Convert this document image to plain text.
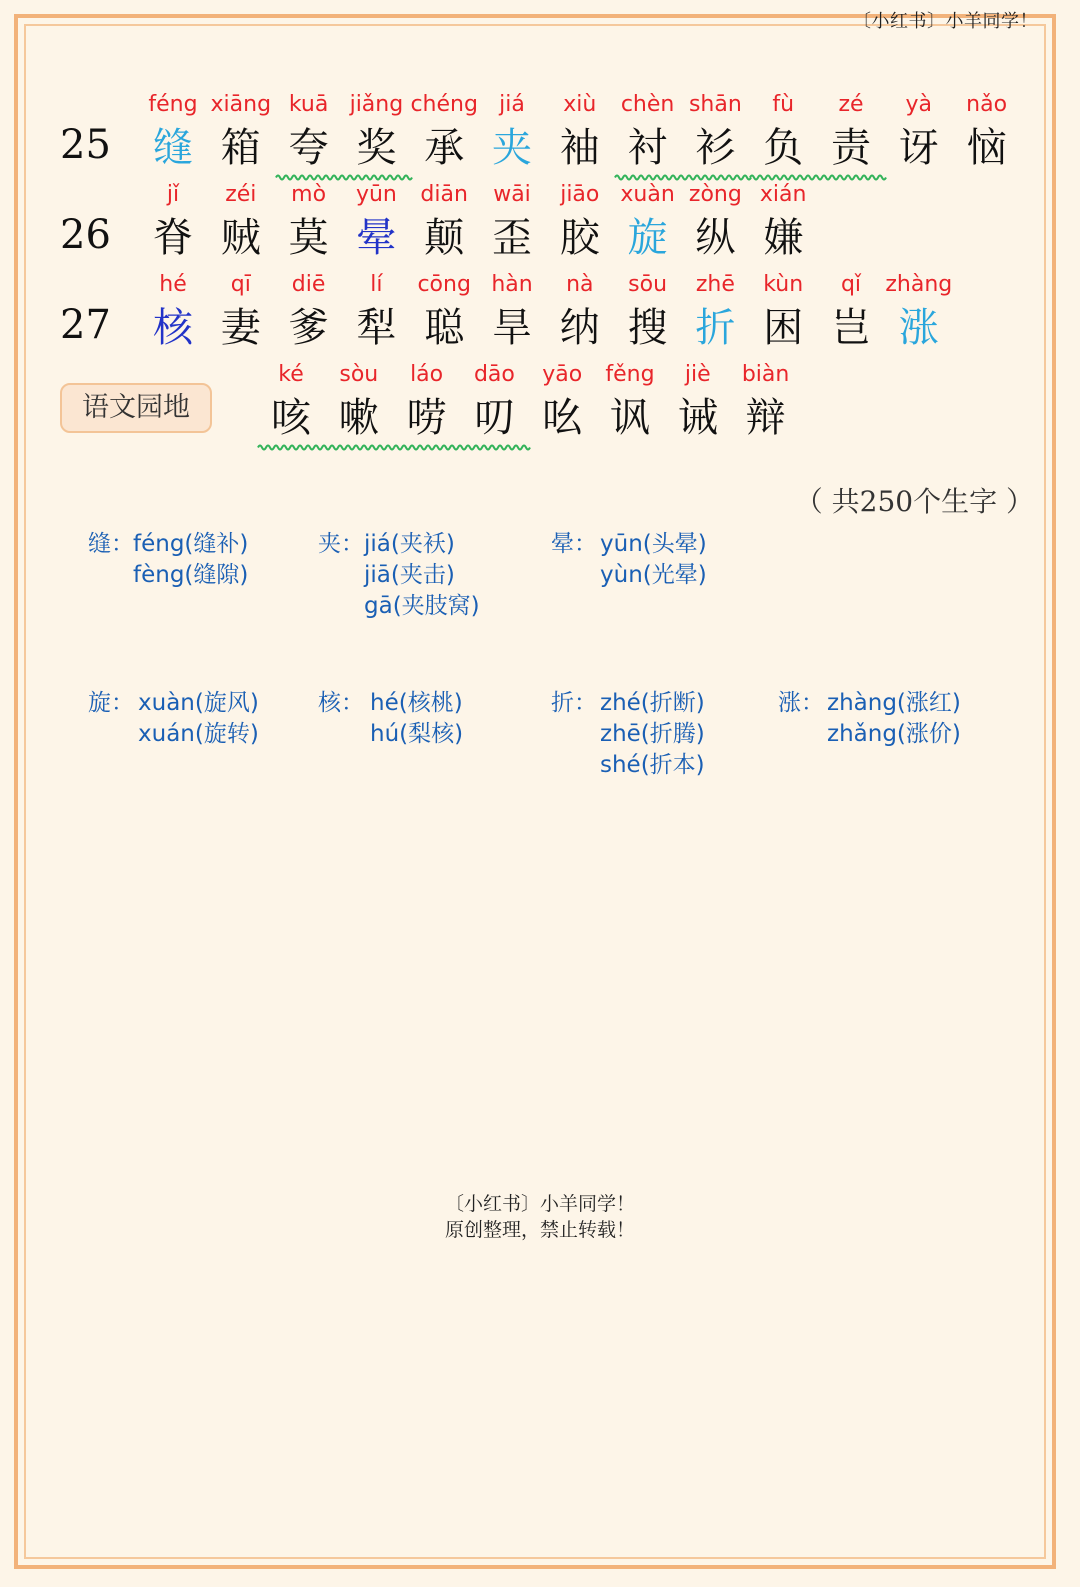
〔小红书〕小羊同学！
25
féng
缝
xiāng
箱
kuā
夸
jiǎng
奖
chéng
承
jiá
夹
xiù
袖
chèn
衬
shān
衫
fù
负
zé
责
yà
讶
nǎo
恼
26
jǐ
脊
zéi
贼
mò
莫
yūn
晕
diān
颠
wāi
歪
jiāo
胶
xuàn
旋
zòng
纵
xián
嫌
27
hé
核
qī
妻
diē
爹
lí
犁
cōng
聪
hàn
旱
nà
纳
sōu
搜
zhē
折
kùn
困
qǐ
岂
zhàng
涨
ké
咳
sòu
嗽
láo
唠
dāo
叨
yāo
吆
fěng
讽
jiè
诫
biàn
辩
语文园地
（ 共250个生字 ）
缝： féng(缝补)
fèng(缝隙)
夹： jiá(夹袄)
jiā(夹击)
gā(夹肢窝)
晕： yūn(头晕)
yùn(光晕)
旋： xuàn(旋风)
xuán(旋转)
核： hé(核桃)
hú(梨核)
折： zhé(折断)
zhē(折腾)
shé(折本)
涨： zhàng(涨红)
zhǎng(涨价)
〔小红书〕小羊同学！
原创整理，禁止转载！
